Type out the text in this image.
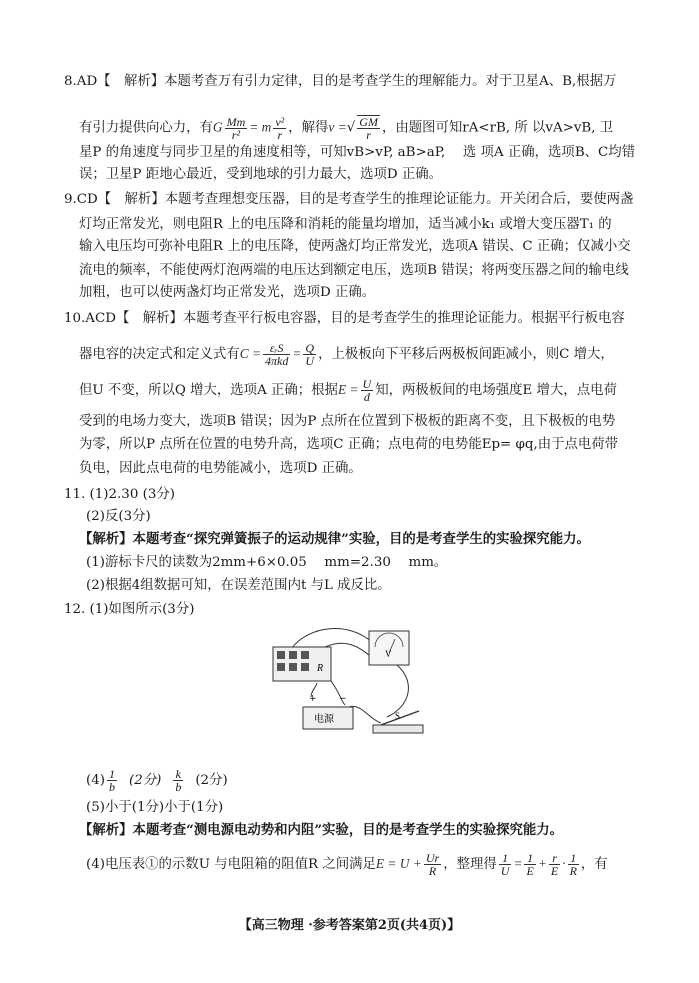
8.AD【　解析】本题考查万有引力定律，目的是考查学生的理解能力。对于卫星A、B,根据万
有引力提供向心力，有G $\frac{Mm}{\text{r²}} = m \frac{\text{v²}}{r}$ ，解得v =√ $\frac{GM}{r}$ ，由题图可知rA<rB, 所 以vA>vB, 卫
星P 的角速度与同步卫星的角速度相等，可知vB>vP, aB>aP, 　选 项A 正确，选项B、C均错
误；卫星P 距地心最近，受到地球的引力最大，选项D 正确。
9.CD【　解析】本题考查理想变压器，目的是考查学生的推理论证能力。开关闭合后，要使两盏
灯均正常发光，则电阻R 上的电压降和消耗的能量均增加，适当减小k₁ 或增大变压器T₁ 的
输入电压均可弥补电阻R 上的电压降，使两盏灯均正常发光，选项A 错误、C 正确；仅减小交
流电的频率，不能使两灯泡两端的电压达到额定电压，选项B 错误；将两变压器之间的输电线
加粗，也可以使两盏灯均正常发光，选项D 正确。
10.ACD【　解析】本题考查平行板电容器，目的是考查学生的推理论证能力。根据平行板电容
器电容的决定式和定义式有$C = \frac{\text{εᵣS}}{\text{4πkd}} = \frac{Q}{U}$ ，上极板向下平移后两极板间距减小，则C 增大，
但U 不变，所以Q 增大，选项A 正确；根据$E = \frac{U}{d}$ 知，两极板间的电场强度E 增大，点电荷
受到的电场力变大，选项B 错误；因为P 点所在位置到下极板的距离不变，且下极板的电势
为零，所以P 点所在位置的电势升高，选项C 正确；点电荷的电势能Ep= φq,由于点电荷带
负电，因此点电荷的电势能减小，选项D 正确。
11. (1)2.30 (3分)
(2)反(3分)
【解析】本题考查“探究弹簧振子的运动规律”实验，目的是考查学生的实验探究能力。
(1)游标卡尺的读数为2mm+6×0.05　 mm=2.30　 mm。
(2)根据4组数据可知，在误差范围内t 与L 成反比。
12. (1)如图所示(3分)
R
V
+ −
电源	S
$(4) \frac{1}{b} (2$分) $\frac{k}{b} (2$分)
(5)小于(1分)小于(1分)
【解析】本题考查“测电源电动势和内阻”实验，目的是考查学生的实验探究能力。
(4)电压表①的示数U 与电阻箱的阻值R 之间满足$E = U + \frac{Ur}{R}$ ，整理得 $\frac{1}{U} = \frac{1}{E} + \frac{r}{E} \cdot \frac{1}{R}$ ，有
【高三物理 ·参考答案第2页(共4页)】
